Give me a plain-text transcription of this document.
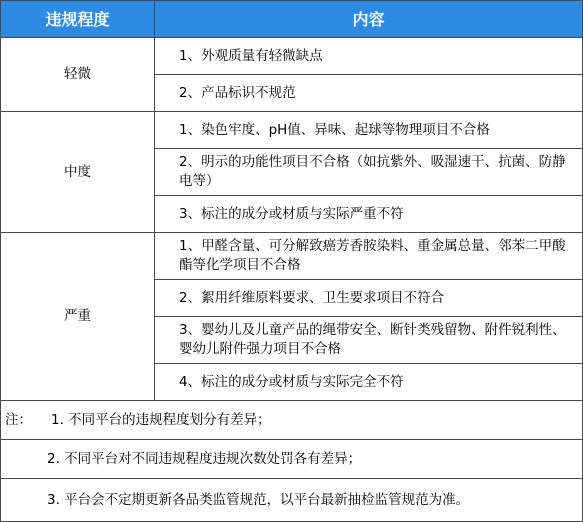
违规程度	内容
轻微	1、外观质量有轻微缺点
	2、产品标识不规范
中度	1、染色牢度、pH值、异味、起球等物理项目不合格
	2、明示的功能性项目不合格（如抗紫外、吸湿速干、抗菌、防静电等）
	3、标注的成分或材质与实际严重不符
严重	1、甲醛含量、可分解致癌芳香胺染料、重金属总量、邻苯二甲酸酯等化学项目不合格
	2、絮用纤维原料要求、卫生要求项目不符合
	3、婴幼儿及儿童产品的绳带安全、断针类残留物、附件锐利性、婴幼儿附件强力项目不合格
	4、标注的成分或材质与实际完全不符
注： 1. 不同平台的违规程度划分有差异；	
2. 不同平台对不同违规程度违规次数处罚各有差异；	
3. 平台会不定期更新各品类监管规范，以平台最新抽检监管规范为准。	
